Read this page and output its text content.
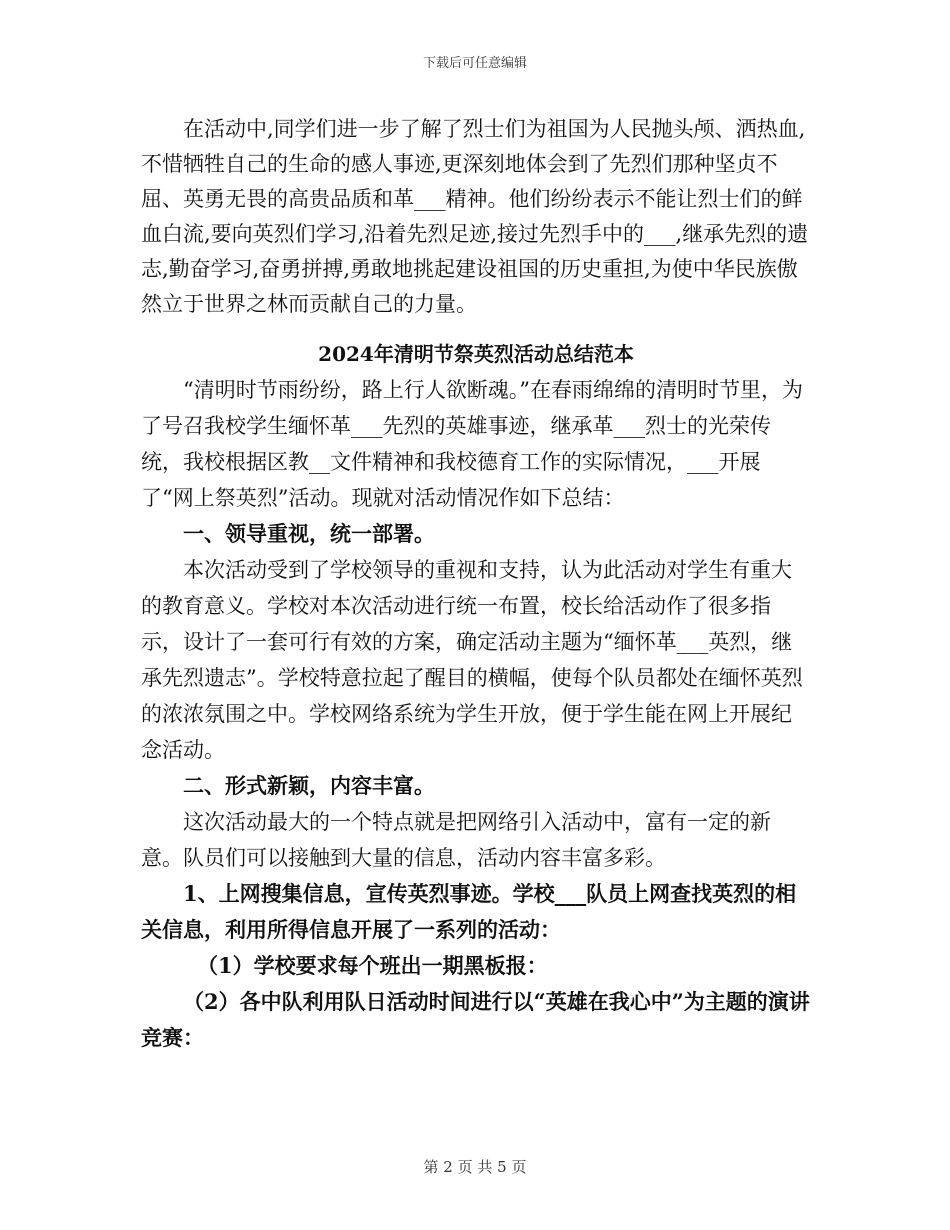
下载后可任意编辑

在活动中,同学们进一步了解了烈士们为祖国为人民抛头颅、洒热血,不惜牺牲自己的生命的感人事迹,更深刻地体会到了先烈们那种坚贞不屈、英勇无畏的高贵品质和革___精神。他们纷纷表示不能让烈士们的鲜血白流,要向英烈们学习,沿着先烈足迹,接过先烈手中的___,继承先烈的遗志,勤奋学习,奋勇拼搏,勇敢地挑起建设祖国的历史重担,为使中华民族傲然立于世界之林而贡献自己的力量。

2024年清明节祭英烈活动总结范本

“清明时节雨纷纷，路上行人欲断魂。”在春雨绵绵的清明时节里，为了号召我校学生缅怀革___先烈的英雄事迹，继承革___烈士的光荣传统，我校根据区教__文件精神和我校德育工作的实际情况，___开展了“网上祭英烈”活动。现就对活动情况作如下总结：

一、领导重视，统一部署。

本次活动受到了学校领导的重视和支持，认为此活动对学生有重大的教育意义。学校对本次活动进行统一布置，校长给活动作了很多指示，设计了一套可行有效的方案，确定活动主题为“缅怀革___英烈，继承先烈遗志”。学校特意拉起了醒目的横幅，使每个队员都处在缅怀英烈的浓浓氛围之中。学校网络系统为学生开放，便于学生能在网上开展纪念活动。

二、形式新颖，内容丰富。

这次活动最大的一个特点就是把网络引入活动中，富有一定的新意。队员们可以接触到大量的信息，活动内容丰富多彩。

1、上网搜集信息，宣传英烈事迹。学校___队员上网查找英烈的相关信息，利用所得信息开展了一系列的活动：

（1）学校要求每个班出一期黑板报：

（2）各中队利用队日活动时间进行以“英雄在我心中”为主题的演讲竞赛：

第 2 页 共 5 页
